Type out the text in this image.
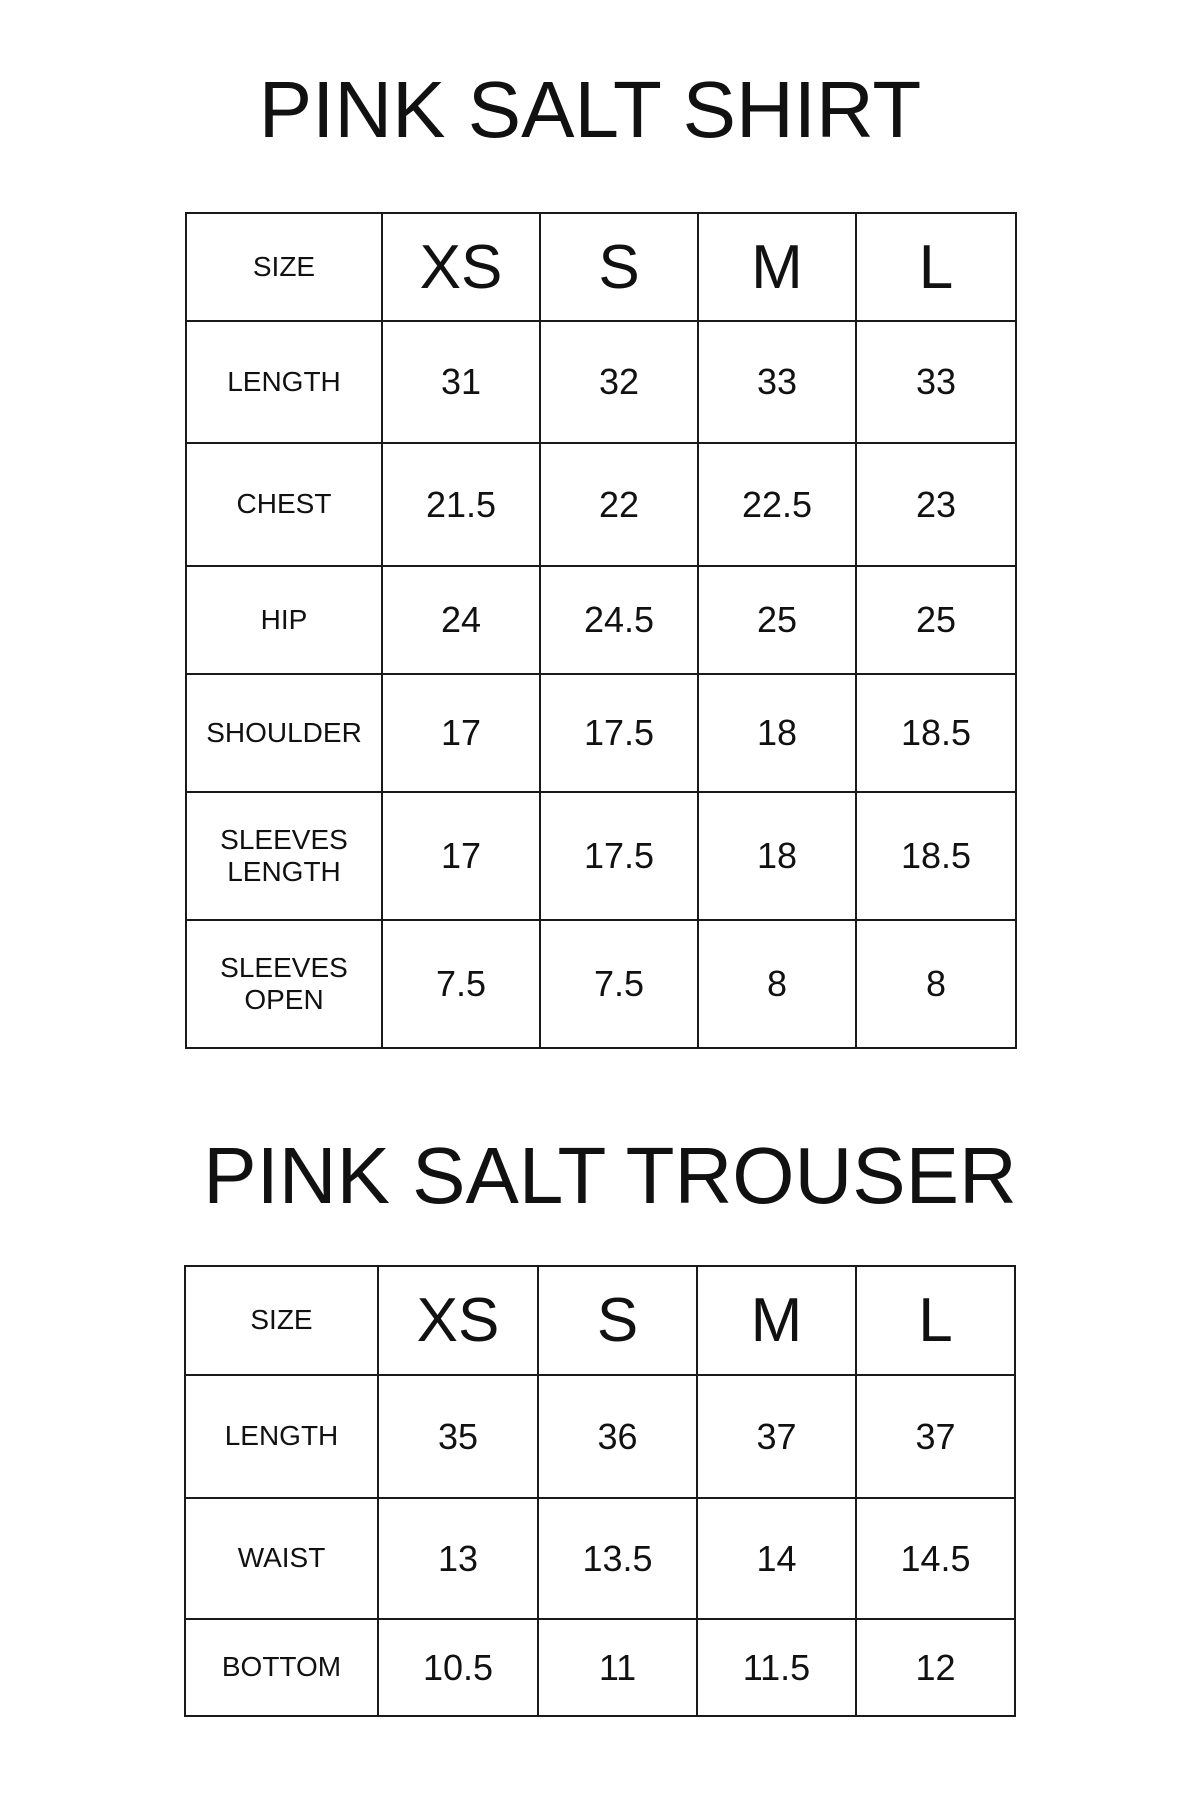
PINK SALT SHIRT
SIZE	XS	S	M	L
LENGTH	31	32	33	33
CHEST	21.5	22	22.5	23
HIP	24	24.5	25	25
SHOULDER	17	17.5	18	18.5

SLEEVES
LENGTH	17	17.5	18	18.5

SLEEVES
OPEN	7.5	7.5	8	8
PINK SALT TROUSER
SIZE	XS	S	M	L
LENGTH	35	36	37	37
WAIST	13	13.5	14	14.5
BOTTOM	10.5	11	11.5	12
